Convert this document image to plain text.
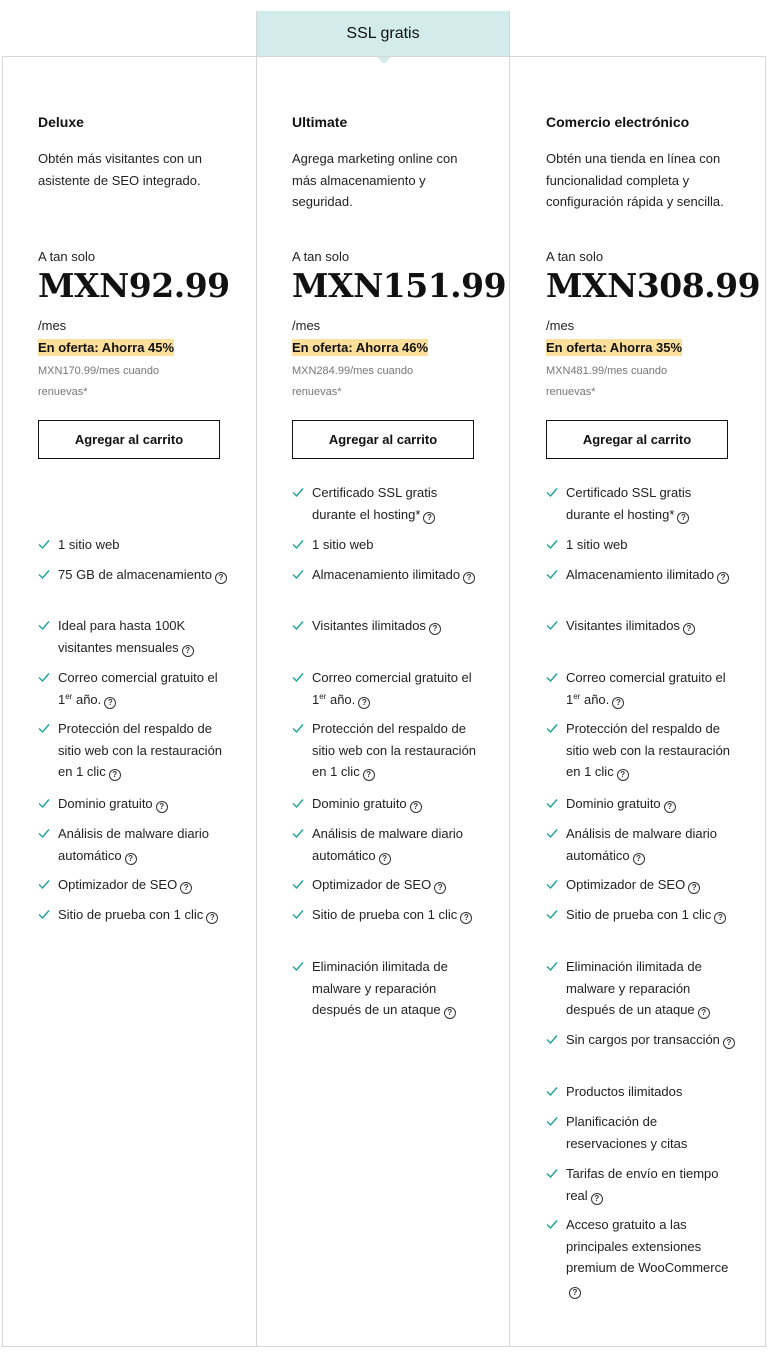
SSL gratis
Deluxe
Obtén más visitantes con un asistente de SEO integrado.
A tan solo
MXN92.99
/mes
En oferta: Ahorra 45%
MXN170.99/mes cuando renuevas*
Agregar al carrito
1 sitio web
75 GB de almacenamiento ?
Ideal para hasta 100K visitantes mensuales ?
Correo comercial gratuito el 1er año. ?
Protección del respaldo de sitio web con la restauración en 1 clic ?
Dominio gratuito ?
Análisis de malware diario automático ?
Optimizador de SEO ?
Sitio de prueba con 1 clic ?
Ultimate
Agrega marketing online con más almacenamiento y seguridad.
A tan solo
MXN151.99
/mes
En oferta: Ahorra 46%
MXN284.99/mes cuando renuevas*
Agregar al carrito
Certificado SSL gratis durante el hosting* ?
1 sitio web
Almacenamiento ilimitado ?
Visitantes ilimitados ?
Correo comercial gratuito el 1er año. ?
Protección del respaldo de sitio web con la restauración en 1 clic ?
Dominio gratuito ?
Análisis de malware diario automático ?
Optimizador de SEO ?
Sitio de prueba con 1 clic ?
Eliminación ilimitada de malware y reparación después de un ataque ?
Comercio electrónico
Obtén una tienda en línea con funcionalidad completa y configuración rápida y sencilla.
A tan solo
MXN308.99
/mes
En oferta: Ahorra 35%
MXN481.99/mes cuando renuevas*
Agregar al carrito
Certificado SSL gratis durante el hosting* ?
1 sitio web
Almacenamiento ilimitado ?
Visitantes ilimitados ?
Correo comercial gratuito el 1er año. ?
Protección del respaldo de sitio web con la restauración en 1 clic ?
Dominio gratuito ?
Análisis de malware diario automático ?
Optimizador de SEO ?
Sitio de prueba con 1 clic ?
Eliminación ilimitada de malware y reparación después de un ataque ?
Sin cargos por transacción ?
Productos ilimitados
Planificación de reservaciones y citas
Tarifas de envío en tiempo real ?
Acceso gratuito a las principales extensiones premium de WooCommerce?
